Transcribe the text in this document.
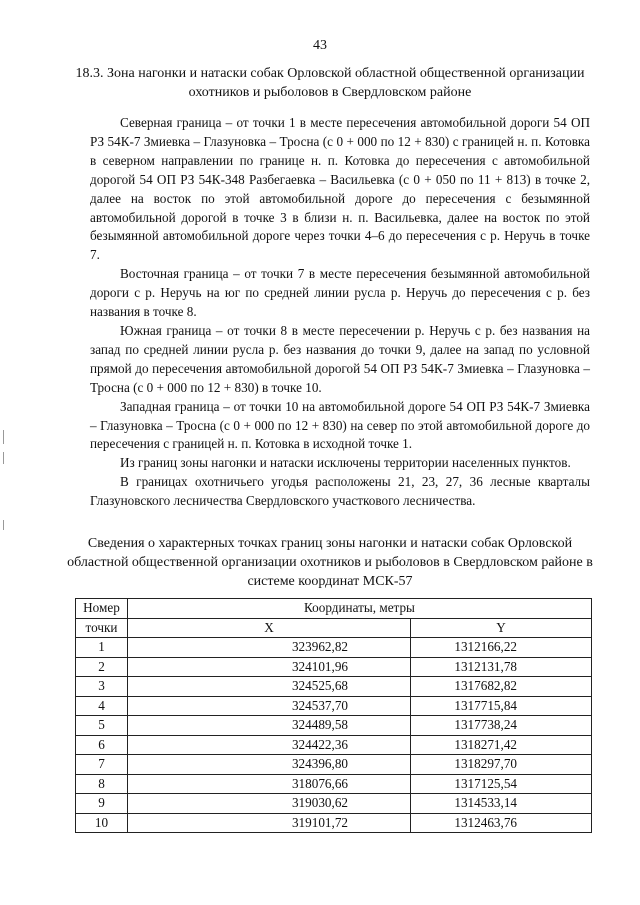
43
18.3. Зона нагонки и натаски собак Орловской областной общественной организации охотников и рыболовов в Свердловском районе

Северная граница – от точки 1 в месте пересечения автомобильной дороги 54 ОП РЗ 54К-7 Змиевка – Глазуновка – Тросна (с 0 + 000 по 12 + 830) с границей н. п. Котовка в северном направлении по границе н. п. Котовка до пересечения с автомобильной дорогой 54 ОП РЗ 54К-348 Разбегаевка – Васильевка (с 0 + 050 по 11 + 813) в точке 2, далее на восток по этой автомобильной дороге до пересечения с безымянной автомобильной дорогой в точке 3 в близи н. п. Васильевка, далее на восток по этой безымянной автомобильной дороге через точки 4–6 до пересечения с р. Неручь в точке 7.

Восточная граница – от точки 7 в месте пересечения безымянной автомобильной дороги с р. Неручь на юг по средней линии русла р. Неручь до пересечения с р. без названия в точке 8.

Южная граница – от точки 8 в месте пересечении р. Неручь с р. без названия на запад по средней линии русла р. без названия до точки 9, далее на запад по условной прямой до пересечения автомобильной дорогой 54 ОП РЗ 54К-7 Змиевка – Глазуновка – Тросна (с 0 + 000 по 12 + 830) в точке 10.

Западная граница – от точки 10 на автомобильной дороге 54 ОП РЗ 54К-7 Змиевка – Глазуновка – Тросна (с 0 + 000 по 12 + 830) на север по этой автомобильной дороге до пересечения с границей н. п. Котовка в исходной точке 1.

Из границ зоны нагонки и натаски исключены территории населенных пунктов.

В границах охотничьего угодья расположены 21, 23, 27, 36 лесные кварталы Глазуновского лесничества Свердловского участкового лесничества.

Сведения о характерных точках границ зоны нагонки и натаски собак Орловской областной общественной организации охотников и рыболовов в Свердловском районе в системе координат МСК-57
Номер	Координаты, метры	
точки	X	Y
1	323962,82	1312166,22
2	324101,96	1312131,78
3	324525,68	1317682,82
4	324537,70	1317715,84
5	324489,58	1317738,24
6	324422,36	1318271,42
7	324396,80	1318297,70
8	318076,66	1317125,54
9	319030,62	1314533,14
10	319101,72	1312463,76
